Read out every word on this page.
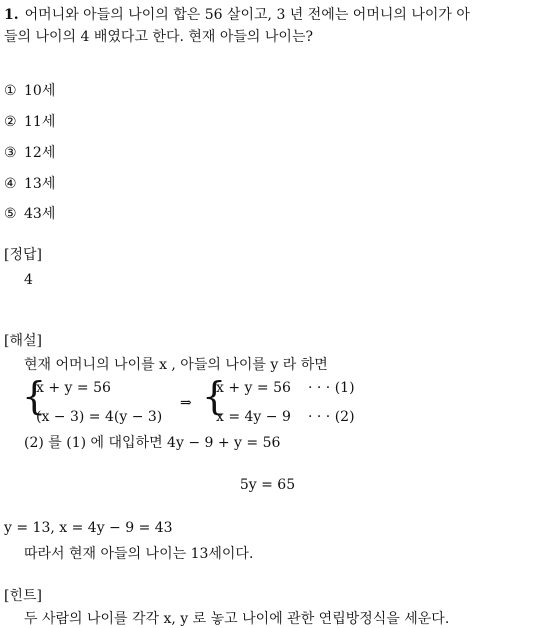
1. 어머니와 아들의 나이의 합은 56 살이고, 3 년 전에는 어머니의 나이가 아
들의 나이의 4 배였다고 한다. 현재 아들의 나이는?
① 10세
② 11세
③ 12세
④ 13세
⑤ 43세
[정답]
4
[해설]
현재 어머니의 나이를 x , 아들의 나이를 y 라 하면
{
x + y = 56
(x − 3) = 4(y − 3)
⇒ {
x + y = 56 · · · (1)
x = 4y − 9 · · · (2)
(2) 를 (1) 에 대입하면 4y − 9 + y = 56
5y = 65
y = 13, x = 4y − 9 = 43
따라서 현재 아들의 나이는 13세이다.
[힌트]
두 사람의 나이를 각각 x, y 로 놓고 나이에 관한 연립방정식을 세운다.
